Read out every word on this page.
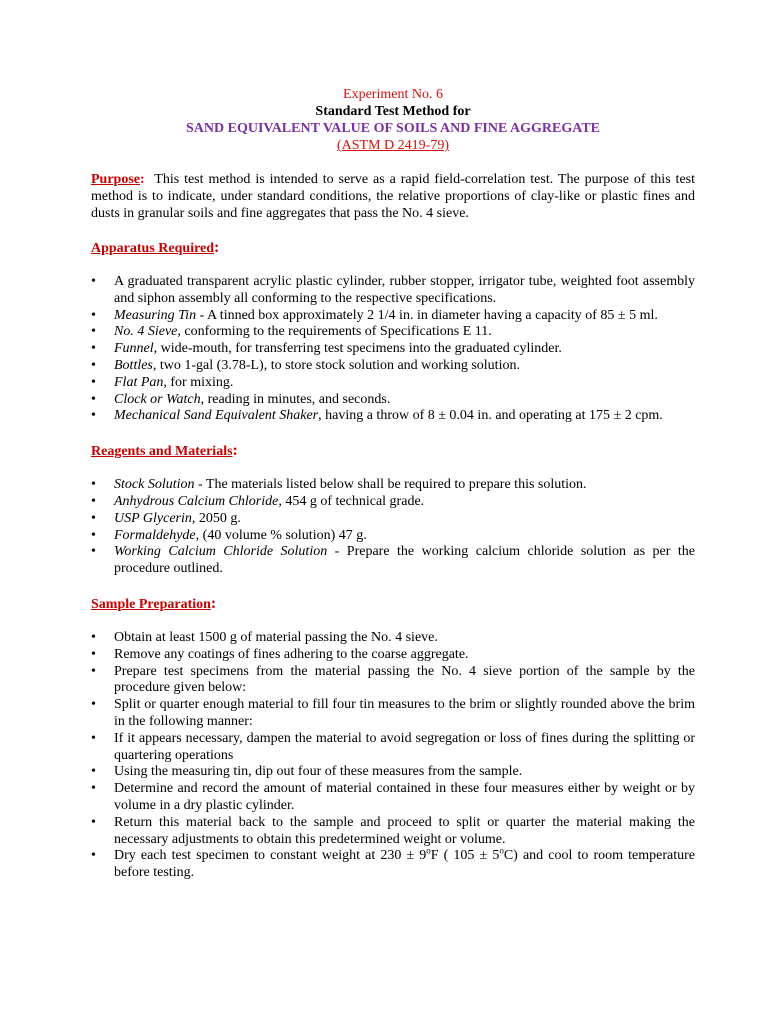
Experiment No. 6
Standard Test Method for
SAND EQUIVALENT VALUE OF SOILS AND FINE AGGREGATE
(ASTM D 2419-79)

Purpose: This test method is intended to serve as a rapid field-correlation test. The purpose of this test method is to indicate, under standard conditions, the relative proportions of clay-like or plastic fines and dusts in granular soils and fine aggregates that pass the No. 4 sieve.

Apparatus Required:
• A graduated transparent acrylic plastic cylinder, rubber stopper, irrigator tube, weighted foot assembly and siphon assembly all conforming to the respective specifications.
• Measuring Tin - A tinned box approximately 2 1/4 in. in diameter having a capacity of 85 ± 5 ml.
• No. 4 Sieve, conforming to the requirements of Specifications E 11.
• Funnel, wide-mouth, for transferring test specimens into the graduated cylinder.
• Bottles, two 1-gal (3.78-L), to store stock solution and working solution.
• Flat Pan, for mixing.
• Clock or Watch, reading in minutes, and seconds.
• Mechanical Sand Equivalent Shaker, having a throw of 8 ± 0.04 in. and operating at 175 ± 2 cpm.
Reagents and Materials:
• Stock Solution - The materials listed below shall be required to prepare this solution.
• Anhydrous Calcium Chloride, 454 g of technical grade.
• USP Glycerin, 2050 g.
• Formaldehyde, (40 volume % solution) 47 g.
• Working Calcium Chloride Solution - Prepare the working calcium chloride solution as per the procedure outlined.
Sample Preparation:
• Obtain at least 1500 g of material passing the No. 4 sieve.
• Remove any coatings of fines adhering to the coarse aggregate.
• Prepare test specimens from the material passing the No. 4 sieve portion of the sample by the procedure given below:
• Split or quarter enough material to fill four tin measures to the brim or slightly rounded above the brim in the following manner:
• If it appears necessary, dampen the material to avoid segregation or loss of fines during the splitting or quartering operations
• Using the measuring tin, dip out four of these measures from the sample.
• Determine and record the amount of material contained in these four measures either by weight or by volume in a dry plastic cylinder.
• Return this material back to the sample and proceed to split or quarter the material making the necessary adjustments to obtain this predetermined weight or volume.
• Dry each test specimen to constant weight at $230 \pm 9^oF$ ( $105 \pm 5^oC$) and cool to room temperature before testing.
